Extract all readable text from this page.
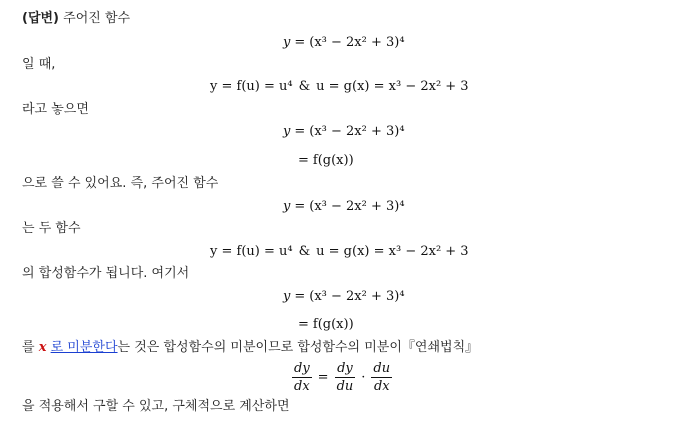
(답변) 주어진 함수
y = (x³ − 2x² + 3)⁴
일 때,
y = f(u) = u⁴ & u = g(x) = x³ − 2x² + 3
라고 놓으면
y = (x³ − 2x² + 3)⁴
= f(g(x))
으로 쓸 수 있어요. 즉, 주어진 함수
y = (x³ − 2x² + 3)⁴
는 두 함수
y = f(u) = u⁴ & u = g(x) = x³ − 2x² + 3
의 합성함수가 됩니다. 여기서
y = (x³ − 2x² + 3)⁴
= f(g(x))
를 x 로 미분한다는 것은 합성함수의 미분이므로 합성함수의 미분이『연쇄법칙』
$\frac{dy}{dx} = \frac{dy}{du} \cdot \frac{du}{dx}$
을 적용해서 구할 수 있고, 구체적으로 계산하면
